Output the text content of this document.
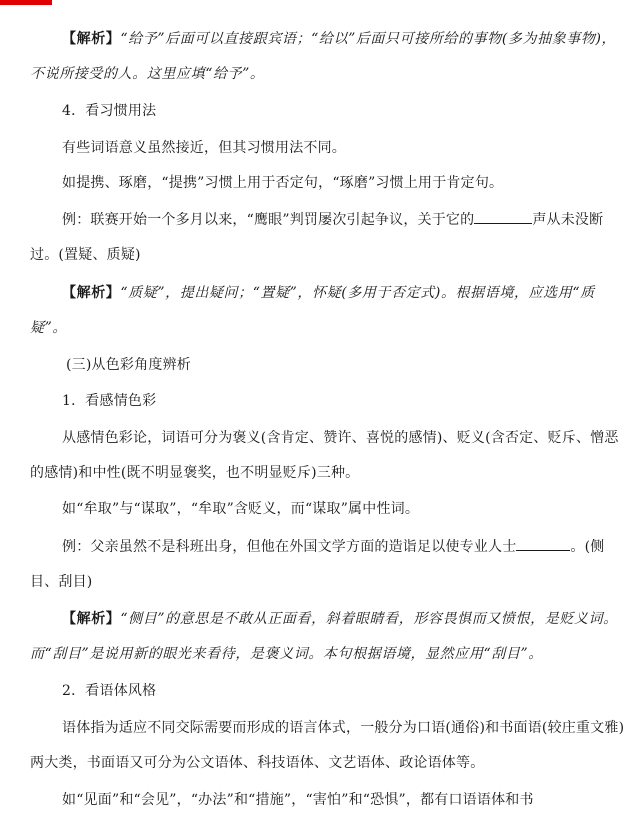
【解析】“给予”后面可以直接跟宾语；“给以”后面只可接所给的事物(多为抽象事物)，
不说所接受的人。这里应填“给予”。
4．看习惯用法
有些词语意义虽然接近，但其习惯用法不同。
如提携、琢磨，“提携”习惯上用于否定句，“琢磨”习惯上用于肯定句。
例：联赛开始一个多月以来，“鹰眼”判罚屡次引起争议，关于它的	声从未没断
过。(置疑、质疑)
【解析】“质疑”，提出疑问；“置疑”，怀疑(多用于否定式)。根据语境，应选用“质
疑”。
(三)从色彩角度辨析
1．看感情色彩
从感情色彩论，词语可分为褒义(含肯定、赞许、喜悦的感情)、贬义(含否定、贬斥、憎恶
的感情)和中性(既不明显褒奖，也不明显贬斥)三种。
如“牟取”与“谋取”，“牟取”含贬义，而“谋取”属中性词。
例：父亲虽然不是科班出身，但他在外国文学方面的造诣足以使专业人士	。(侧
目、刮目)
【解析】“侧目”的意思是不敢从正面看，斜着眼睛看，形容畏惧而又愤恨，是贬义词。
而“刮目”是说用新的眼光来看待，是褒义词。本句根据语境，显然应用“刮目”。
2．看语体风格
语体指为适应不同交际需要而形成的语言体式，一般分为口语(通俗)和书面语(较庄重文雅)
两大类，书面语又可分为公文语体、科技语体、文艺语体、政论语体等。
如“见面”和“会见”，“办法”和“措施”，“害怕”和“恐惧”，都有口语语体和书
